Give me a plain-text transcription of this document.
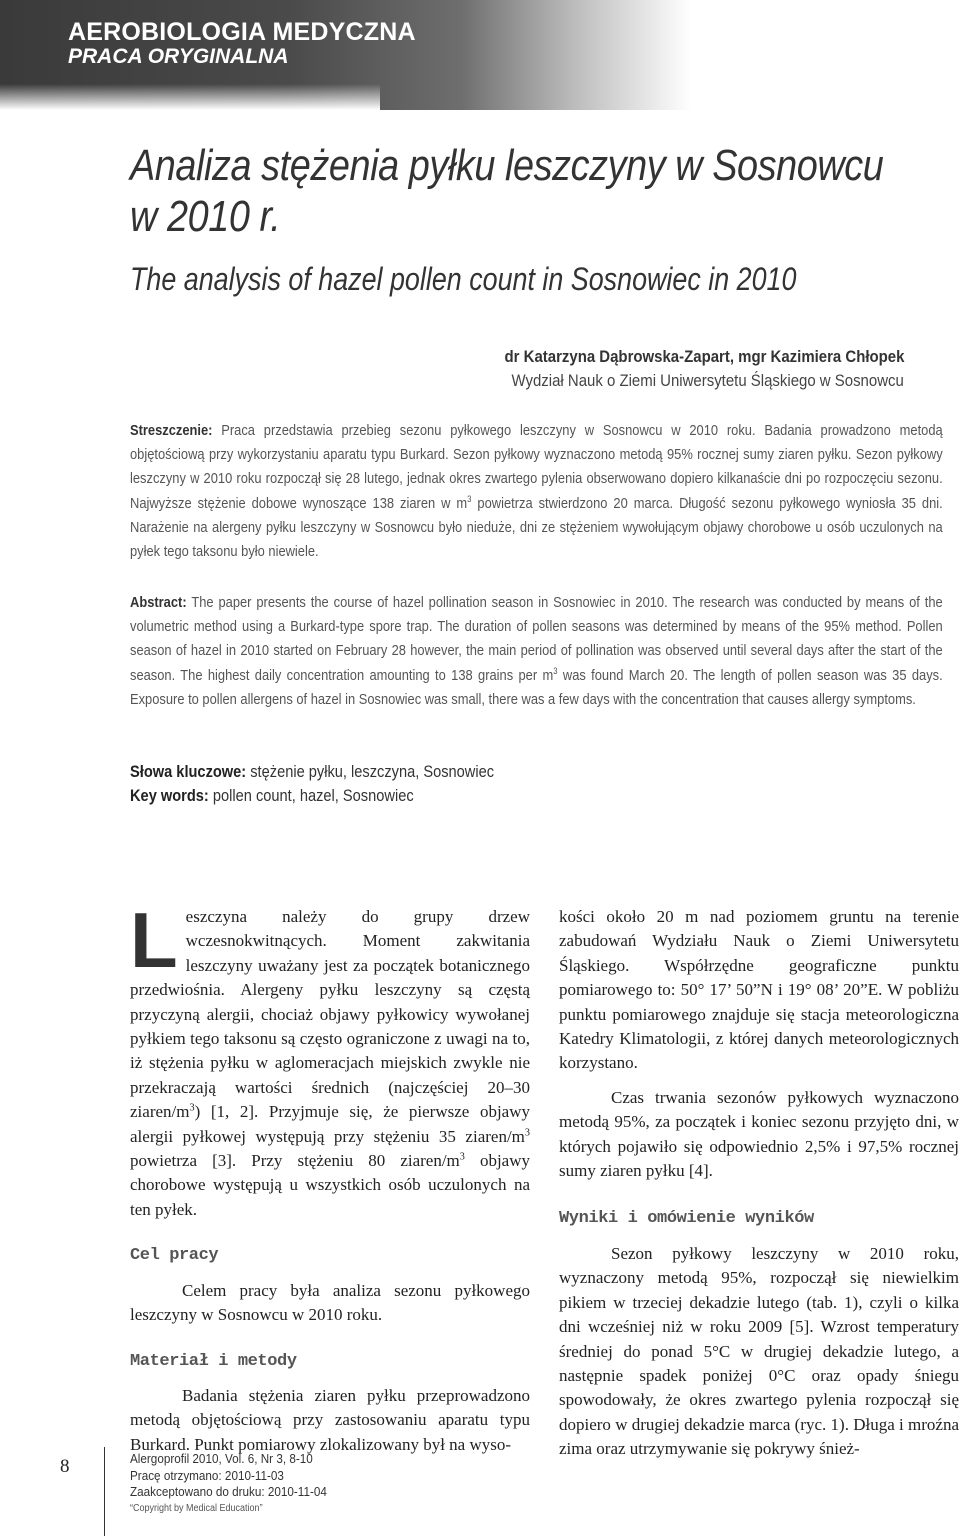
AEROBIOLOGIA MEDYCZNA
PRACA ORYGINALNA
Analiza stężenia pyłku leszczyny w Sosnowcu w 2010 r.
The analysis of hazel pollen count in Sosnowiec in 2010

dr Katarzyna Dąbrowska-Zapart, mgr Kazimiera Chłopek

Wydział Nauk o Ziemi Uniwersytetu Śląskiego w Sosnowcu

Streszczenie: Praca przedstawia przebieg sezonu pyłkowego leszczyny w Sosnowcu w 2010 roku. Badania prowadzono metodą objętościową przy wykorzystaniu aparatu typu Burkard. Sezon pyłkowy wyznaczono metodą 95% rocznej sumy ziaren pyłku. Sezon pyłkowy leszczyny w 2010 roku rozpoczął się 28 lutego, jednak okres zwartego pylenia obserwowano dopiero kilkanaście dni po rozpoczęciu sezonu. Najwyższe stężenie dobowe wynoszące 138 ziaren w $m^3$ powietrza stwierdzono 20 marca. Długość sezonu pyłkowego wyniosła 35 dni. Narażenie na alergeny pyłku leszczyny w Sosnowcu było nieduże, dni ze stężeniem wywołującym objawy chorobowe u osób uczulonych na pyłek tego taksonu było niewiele.

Abstract: The paper presents the course of hazel pollination season in Sosnowiec in 2010. The research was conducted by means of the volumetric method using a Burkard-type spore trap. The duration of pollen seasons was determined by means of the 95% method. Pollen season of hazel in 2010 started on February 28 however, the main period of pollination was observed until several days after the start of the season. The highest daily concentration amounting to 138 grains per $m^3$ was found March 20. The length of pollen season was 35 days. Exposure to pollen allergens of hazel in Sosnowiec was small, there was a few days with the concentration that causes allergy symptoms.

Słowa kluczowe: stężenie pyłku, leszczyna, Sosnowiec

Key words: pollen count, hazel, Sosnowiec

Leszczyna należy do grupy drzew wczesnokwitnących. Moment zakwitania leszczyny uważany jest za początek botanicznego przedwiośnia. Alergeny pyłku leszczyny są częstą przyczyną alergii, chociaż objawy pyłkowicy wywołanej pyłkiem tego taksonu są często ograniczone z uwagi na to, iż stężenia pyłku w aglomeracjach miejskich zwykle nie przekraczają wartości średnich (najczęściej 20–30 ziaren/$m^3$) [1, 2]. Przyjmuje się, że pierwsze objawy alergii pyłkowej występują przy stężeniu 35 ziaren/$m^3$ powietrza [3]. Przy stężeniu 80 ziaren/$m^3$ objawy chorobowe występują u wszystkich osób uczulonych na ten pyłek.

Cel pracy

Celem pracy była analiza sezonu pyłkowego leszczyny w Sosnowcu w 2010 roku.

Materiał i metody

Badania stężenia ziaren pyłku przeprowadzono metodą objętościową przy zastosowaniu aparatu typu Burkard. Punkt pomiarowy zlokalizowany był na wyso-

kości około 20 m nad poziomem gruntu na terenie zabudowań Wydziału Nauk o Ziemi Uniwersytetu Śląskiego. Współrzędne geograficzne punktu pomiarowego to: 50° 17’ 50”N i 19° 08’ 20”E. W pobliżu punktu pomiarowego znajduje się stacja meteorologiczna Katedry Klimatologii, z której danych meteorologicznych korzystano.

Czas trwania sezonów pyłkowych wyznaczono metodą 95%, za początek i koniec sezonu przyjęto dni, w których pojawiło się odpowiednio 2,5% i 97,5% rocznej sumy ziaren pyłku [4].

Wyniki i omówienie wyników

Sezon pyłkowy leszczyny w 2010 roku, wyznaczony metodą 95%, rozpoczął się niewielkim pikiem w trzeciej dekadzie lutego (tab. 1), czyli o kilka dni wcześniej niż w roku 2009 [5]. Wzrost temperatury średniej do ponad 5°C w drugiej dekadzie lutego, a następnie spadek poniżej 0°C oraz opady śniegu spowodowały, że okres zwartego pylenia rozpoczął się dopiero w drugiej dekadzie marca (ryc. 1). Długa i mroźna zima oraz utrzymywanie się pokrywy śnież-

8	Alergoprofil 2010, Vol. 6, Nr 3, 8-10
Pracę otrzymano: 2010-11-03
Zaakceptowano do druku: 2010-11-04
“Copyright by Medical Education”
